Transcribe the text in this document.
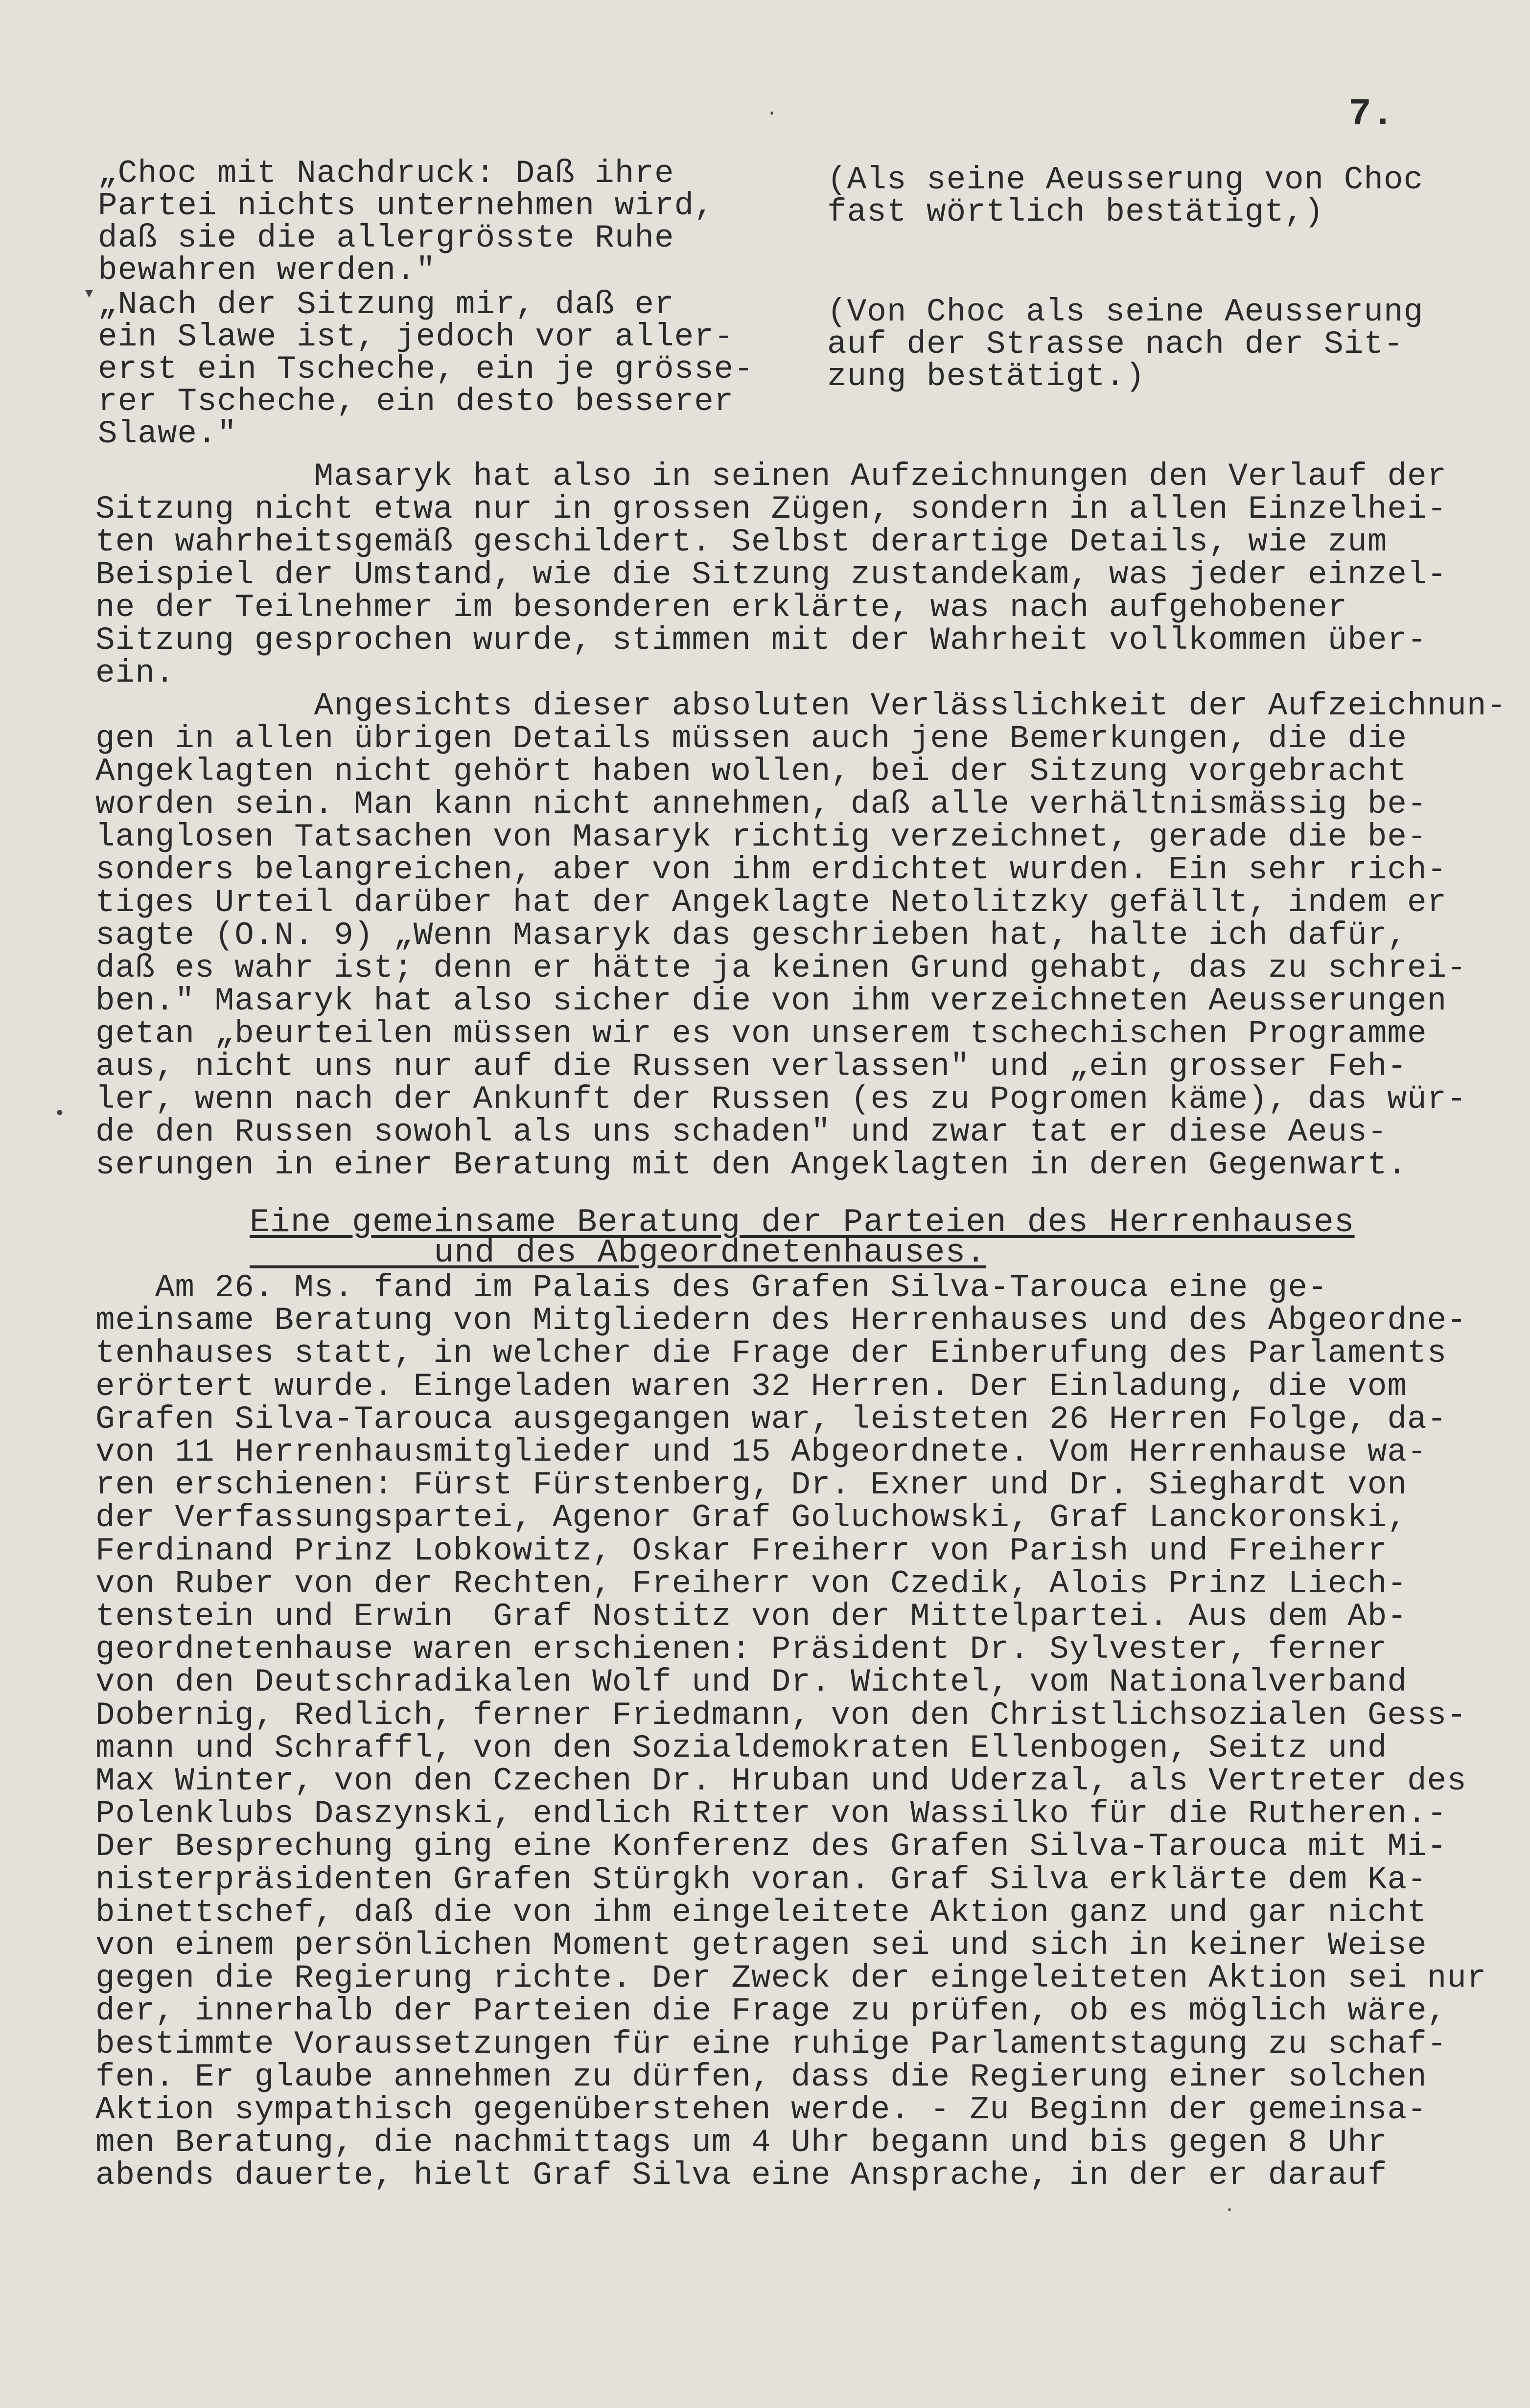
7.
„Choc mit Nachdruck: Daß ihre
Partei nichts unternehmen wird,
daß sie die allergrösste Ruhe
bewahren werden."
(Als seine Aeusserung von Choc
fast wörtlich bestätigt,)
„Nach der Sitzung mir, daß er
ein Slawe ist, jedoch vor aller-
erst ein Tscheche, ein je grösse-
rer Tscheche, ein desto besserer
Slawe."
(Von Choc als seine Aeusserung
auf der Strasse nach der Sit-
zung bestätigt.)
Masaryk hat also in seinen Aufzeichnungen den Verlauf der
Sitzung nicht etwa nur in grossen Zügen, sondern in allen Einzelhei-
ten wahrheitsgemäß geschildert. Selbst derartige Details, wie zum
Beispiel der Umstand, wie die Sitzung zustandekam, was jeder einzel-
ne der Teilnehmer im besonderen erklärte, was nach aufgehobener
Sitzung gesprochen wurde, stimmen mit der Wahrheit vollkommen über-
ein.
Angesichts dieser absoluten Verlässlichkeit der Aufzeichnun-
gen in allen übrigen Details müssen auch jene Bemerkungen, die die
Angeklagten nicht gehört haben wollen, bei der Sitzung vorgebracht
worden sein. Man kann nicht annehmen, daß alle verhältnismässig be-
langlosen Tatsachen von Masaryk richtig verzeichnet, gerade die be-
sonders belangreichen, aber von ihm erdichtet wurden. Ein sehr rich-
tiges Urteil darüber hat der Angeklagte Netolitzky gefällt, indem er
sagte (O.N. 9) „Wenn Masaryk das geschrieben hat, halte ich dafür,
daß es wahr ist; denn er hätte ja keinen Grund gehabt, das zu schrei-
ben." Masaryk hat also sicher die von ihm verzeichneten Aeusserungen
getan „beurteilen müssen wir es von unserem tschechischen Programme
aus, nicht uns nur auf die Russen verlassen" und „ein grosser Feh-
ler, wenn nach der Ankunft der Russen (es zu Pogromen käme), das wür-
de den Russen sowohl als uns schaden" und zwar tat er diese Aeus-
serungen in einer Beratung mit den Angeklagten in deren Gegenwart.
Eine gemeinsame Beratung der Parteien des Herrenhauses
und des Abgeordnetenhauses.
Am 26. Ms. fand im Palais des Grafen Silva-Tarouca eine ge-
meinsame Beratung von Mitgliedern des Herrenhauses und des Abgeordne-
tenhauses statt, in welcher die Frage der Einberufung des Parlaments
erörtert wurde. Eingeladen waren 32 Herren. Der Einladung, die vom
Grafen Silva-Tarouca ausgegangen war, leisteten 26 Herren Folge, da-
von 11 Herrenhausmitglieder und 15 Abgeordnete. Vom Herrenhause wa-
ren erschienen: Fürst Fürstenberg, Dr. Exner und Dr. Sieghardt von
der Verfassungspartei, Agenor Graf Goluchowski, Graf Lanckoronski,
Ferdinand Prinz Lobkowitz, Oskar Freiherr von Parish und Freiherr
von Ruber von der Rechten, Freiherr von Czedik, Alois Prinz Liech-
tenstein und Erwin  Graf Nostitz von der Mittelpartei. Aus dem Ab-
geordnetenhause waren erschienen: Präsident Dr. Sylvester, ferner
von den Deutschradikalen Wolf und Dr. Wichtel, vom Nationalverband
Dobernig, Redlich, ferner Friedmann, von den Christlichsozialen Gess-
mann und Schraffl, von den Sozialdemokraten Ellenbogen, Seitz und
Max Winter, von den Czechen Dr. Hruban und Uderzal, als Vertreter des
Polenklubs Daszynski, endlich Ritter von Wassilko für die Rutheren.-
Der Besprechung ging eine Konferenz des Grafen Silva-Tarouca mit Mi-
nisterpräsidenten Grafen Stürgkh voran. Graf Silva erklärte dem Ka-
binettschef, daß die von ihm eingeleitete Aktion ganz und gar nicht
von einem persönlichen Moment getragen sei und sich in keiner Weise
gegen die Regierung richte. Der Zweck der eingeleiteten Aktion sei nur
der, innerhalb der Parteien die Frage zu prüfen, ob es möglich wäre,
bestimmte Voraussetzungen für eine ruhige Parlamentstagung zu schaf-
fen. Er glaube annehmen zu dürfen, dass die Regierung einer solchen
Aktion sympathisch gegenüberstehen werde. - Zu Beginn der gemeinsa-
men Beratung, die nachmittags um 4 Uhr begann und bis gegen 8 Uhr
abends dauerte, hielt Graf Silva eine Ansprache, in der er darauf
·
▾
•
·
